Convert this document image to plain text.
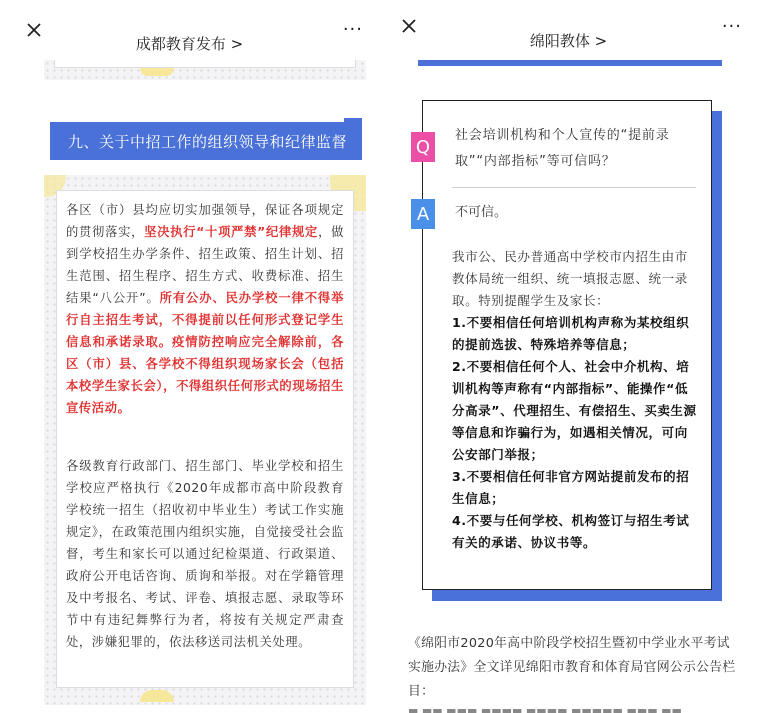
成都教育发布 >
···
九、关于中招工作的组织领导和纪律监督
各区（市）县均应切实加强领导，保证各项规定的贯彻落实，坚决执行“十项严禁”纪律规定，做到学校招生办学条件、招生政策、招生计划、招生范围、招生程序、招生方式、收费标准、招生结果“八公开”。所有公办、民办学校一律不得举行自主招生考试，不得提前以任何形式登记学生信息和承诺录取。疫情防控响应完全解除前，各区（市）县、各学校不得组织现场家长会（包括本校学生家长会），不得组织任何形式的现场招生宣传活动。
各级教育行政部门、招生部门、毕业学校和招生学校应严格执行《2020年成都市高中阶段教育学校统一招生（招收初中毕业生）考试工作实施规定》，在政策范围内组织实施，自觉接受社会监督，考生和家长可以通过纪检渠道、行政渠道、政府公开电话咨询、质询和举报。对在学籍管理及中考报名、考试、评卷、填报志愿、录取等环节中有违纪舞弊行为者，将按有关规定严肃查处，涉嫌犯罪的，依法移送司法机关处理。
绵阳教体 >
···
Q
社会培训机构和个人宣传的“提前录取”“内部指标”等可信吗？
A	不可信。
我市公、民办普通高中学校市内招生由市教体局统一组织、统一填报志愿、统一录取。特别提醒学生及家长：
1.不要相信任何培训机构声称为某校组织的提前选拔、特殊培养等信息；
2.不要相信任何个人、社会中介机构、培训机构等声称有“内部指标”、能操作“低分高录”、代理招生、有偿招生、买卖生源等信息和诈骗行为，如遇相关情况，可向公安部门举报；
3.不要相信任何非官方网站提前发布的招生信息；
4.不要与任何学校、机构签订与招生考试有关的承诺、协议书等。
《绵阳市2020年高中阶段学校招生暨初中学业水平考试实施办法》全文详见绵阳市教育和体育局官网公示公告栏目：
▬ ▬▬ ▬▬▬ ▬▬▬▬ ▬▬▬▬ ▬▬▬▬▬ ▬▬▬ ▬▬
